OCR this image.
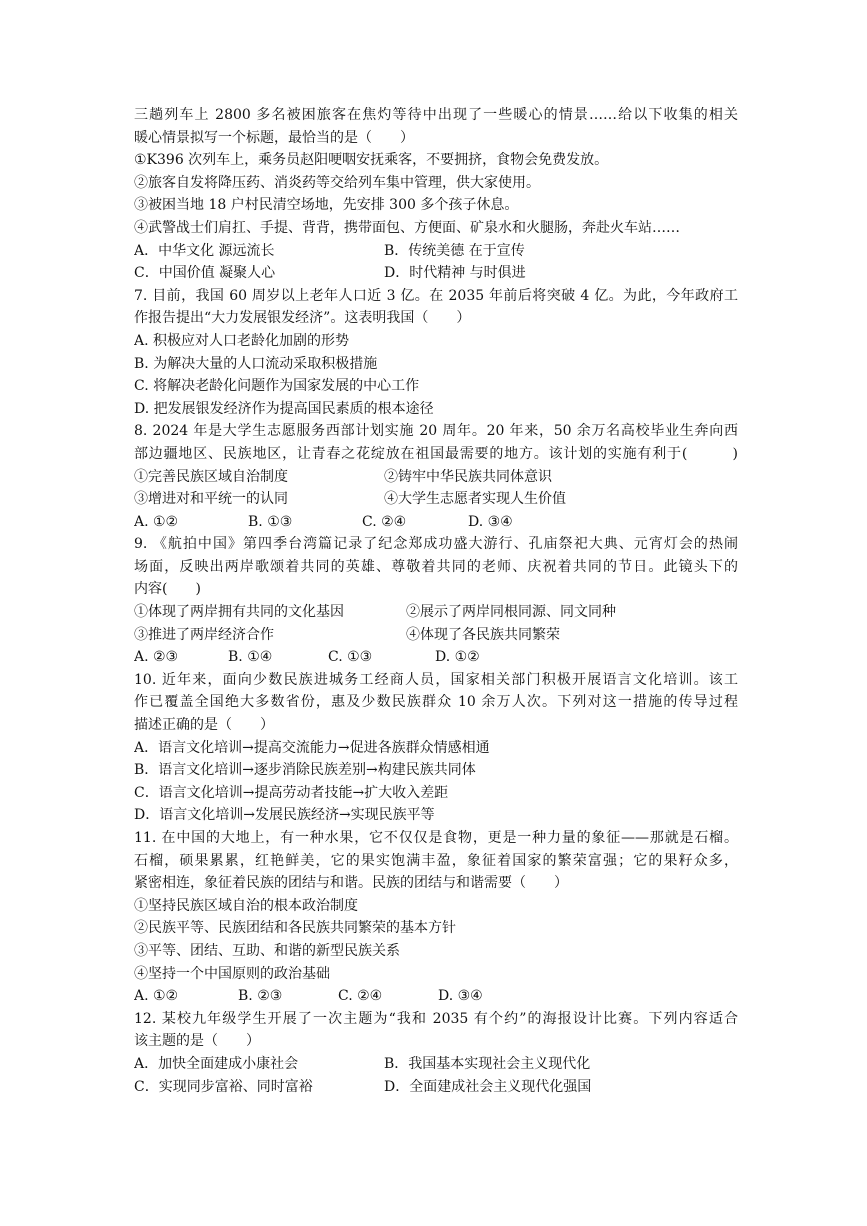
三趟列车上 2800 多名被困旅客在焦灼等待中出现了一些暖心的情景……给以下收集的相关
暖心情景拟写一个标题，最恰当的是（　　）
①K396 次列车上，乘务员赵阳哽咽安抚乘客，不要拥挤，食物会免费发放。
②旅客自发将降压药、消炎药等交给列车集中管理，供大家使用。
③被困当地 18 户村民清空场地，先安排 300 多个孩子休息。
④武警战士们肩扛、手提、背背，携带面包、方便面、矿泉水和火腿肠，奔赴火车站……
A．中华文化 源远流长	B．传统美德 在于宣传
C．中国价值 凝聚人心	D．时代精神 与时俱进
7. 目前，我国 60 周岁以上老年人口近 3 亿。在 2035 年前后将突破 4 亿。为此，今年政府工
作报告提出“大力发展银发经济”。这表明我国（　　）
A. 积极应对人口老龄化加剧的形势
B. 为解决大量的人口流动采取积极措施
C. 将解决老龄化问题作为国家发展的中心工作
D. 把发展银发经济作为提高国民素质的根本途径
8. 2024 年是大学生志愿服务西部计划实施 20 周年。20 年来，50 余万名高校毕业生奔向西
部边疆地区、民族地区，让青春之花绽放在祖国最需要的地方。该计划的实施有利于(　　　)
①完善民族区域自治制度	②铸牢中华民族共同体意识
③增进对和平统一的认同	④大学生志愿者实现人生价值
A. ①②	B. ①③	C. ②④	D. ③④
9. 《航拍中国》第四季台湾篇记录了纪念郑成功盛大游行、孔庙祭祀大典、元宵灯会的热闹
场面，反映出两岸歌颂着共同的英雄、尊敬着共同的老师、庆祝着共同的节日。此镜头下的
内容(　　)
①体现了两岸拥有共同的文化基因	②展示了两岸同根同源、同文同种
③推进了两岸经济合作	④体现了各民族共同繁荣
A. ②③	B. ①④	C. ①③	D. ①②
10. 近年来，面向少数民族进城务工经商人员，国家相关部门积极开展语言文化培训。该工
作已覆盖全国绝大多数省份，惠及少数民族群众 10 余万人次。下列对这一措施的传导过程
描述正确的是（　　）
A．语言文化培训→提高交流能力→促进各族群众情感相通
B．语言文化培训→逐步消除民族差别→构建民族共同体
C．语言文化培训→提高劳动者技能→扩大收入差距
D．语言文化培训→发展民族经济→实现民族平等
11. 在中国的大地上，有一种水果，它不仅仅是食物，更是一种力量的象征——那就是石榴。
石榴，硕果累累，红艳鲜美，它的果实饱满丰盈，象征着国家的繁荣富强；它的果籽众多，
紧密相连，象征着民族的团结与和谐。民族的团结与和谐需要（　　）
①坚持民族区域自治的根本政治制度
②民族平等、民族团结和各民族共同繁荣的基本方针
③平等、团结、互助、和谐的新型民族关系
④坚持一个中国原则的政治基础
A. ①②	B. ②③	C. ②④	D. ③④
12. 某校九年级学生开展了一次主题为“我和 2035 有个约”的海报设计比赛。下列内容适合
该主题的是（　　）
A．加快全面建成小康社会	B．我国基本实现社会主义现代化
C．实现同步富裕、同时富裕	D．全面建成社会主义现代化强国
